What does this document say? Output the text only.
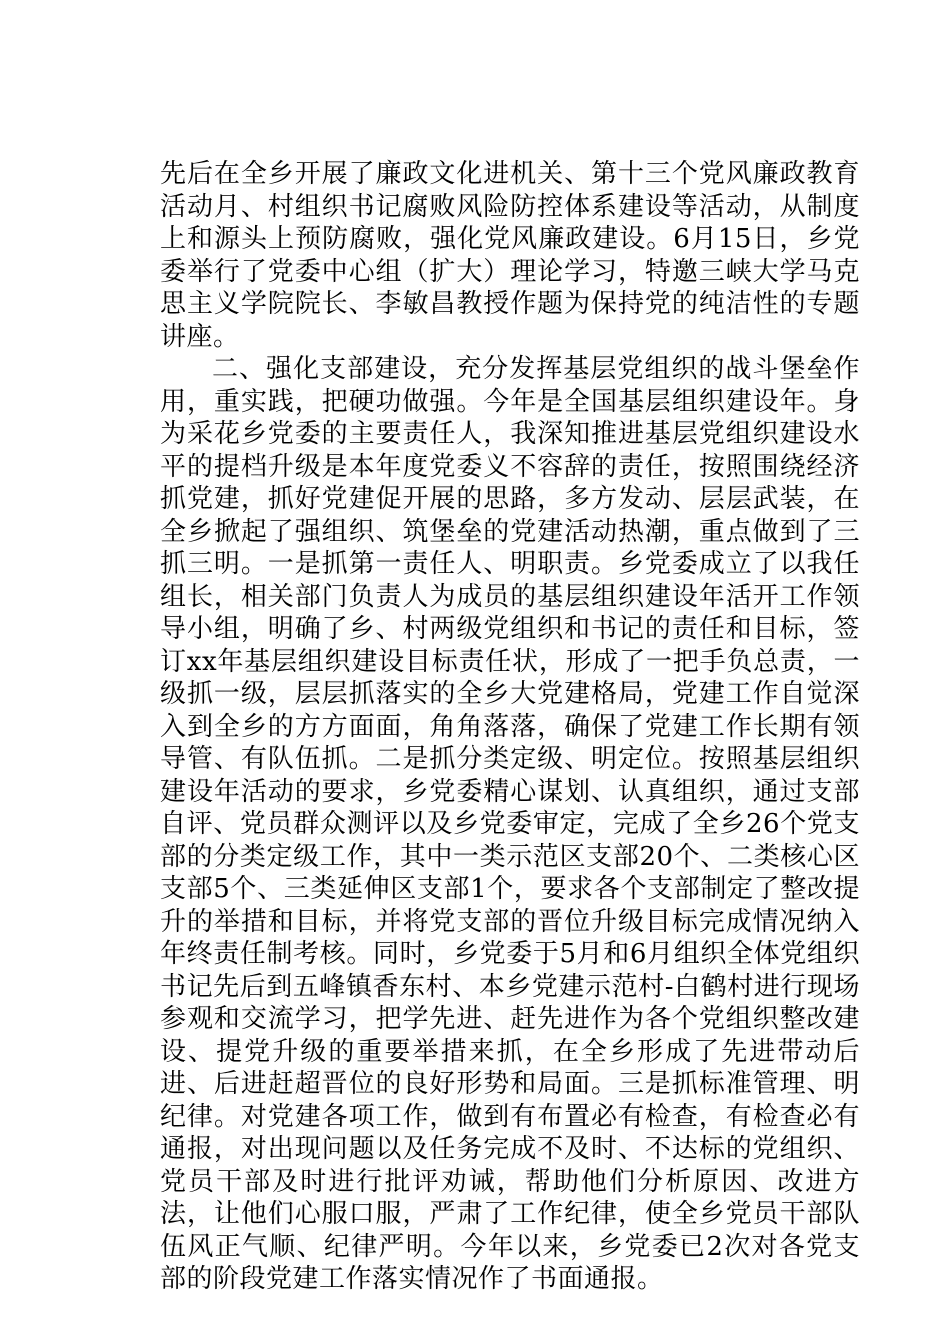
先后在全乡开展了廉政文化进机关、第十三个党风廉政教育活动月、村组织书记腐败风险防控体系建设等活动，从制度上和源头上预防腐败，强化党风廉政建设。6月15日，乡党委举行了党委中心组（扩大）理论学习，特邀三峡大学马克思主义学院院长、李敏昌教授作题为保持党的纯洁性的专题讲座。

二、强化支部建设，充分发挥基层党组织的战斗堡垒作用，重实践，把硬功做强。今年是全国基层组织建设年。身为采花乡党委的主要责任人，我深知推进基层党组织建设水平的提档升级是本年度党委义不容辞的责任，按照围绕经济抓党建，抓好党建促开展的思路，多方发动、层层武装，在全乡掀起了强组织、筑堡垒的党建活动热潮，重点做到了三抓三明。一是抓第一责任人、明职责。乡党委成立了以我任组长，相关部门负责人为成员的基层组织建设年活开工作领导小组，明确了乡、村两级党组织和书记的责任和目标，签订xx年基层组织建设目标责任状，形成了一把手负总责，一级抓一级，层层抓落实的全乡大党建格局，党建工作自觉深入到全乡的方方面面，角角落落，确保了党建工作长期有领导管、有队伍抓。二是抓分类定级、明定位。按照基层组织建设年活动的要求，乡党委精心谋划、认真组织，通过支部自评、党员群众测评以及乡党委审定，完成了全乡26个党支部的分类定级工作，其中一类示范区支部20个、二类核心区支部5个、三类延伸区支部1个，要求各个支部制定了整改提升的举措和目标，并将党支部的晋位升级目标完成情况纳入年终责任制考核。同时，乡党委于5月和6月组织全体党组织书记先后到五峰镇香东村、本乡党建示范村-白鹤村进行现场参观和交流学习，把学先进、赶先进作为各个党组织整改建设、提党升级的重要举措来抓，在全乡形成了先进带动后进、后进赶超晋位的良好形势和局面。三是抓标准管理、明纪律。对党建各项工作，做到有布置必有检查，有检查必有通报，对出现问题以及任务完成不及时、不达标的党组织、党员干部及时进行批评劝诫，帮助他们分析原因、改进方法，让他们心服口服，严肃了工作纪律，使全乡党员干部队伍风正气顺、纪律严明。今年以来，乡党委已2次对各党支部的阶段党建工作落实情况作了书面通报。
